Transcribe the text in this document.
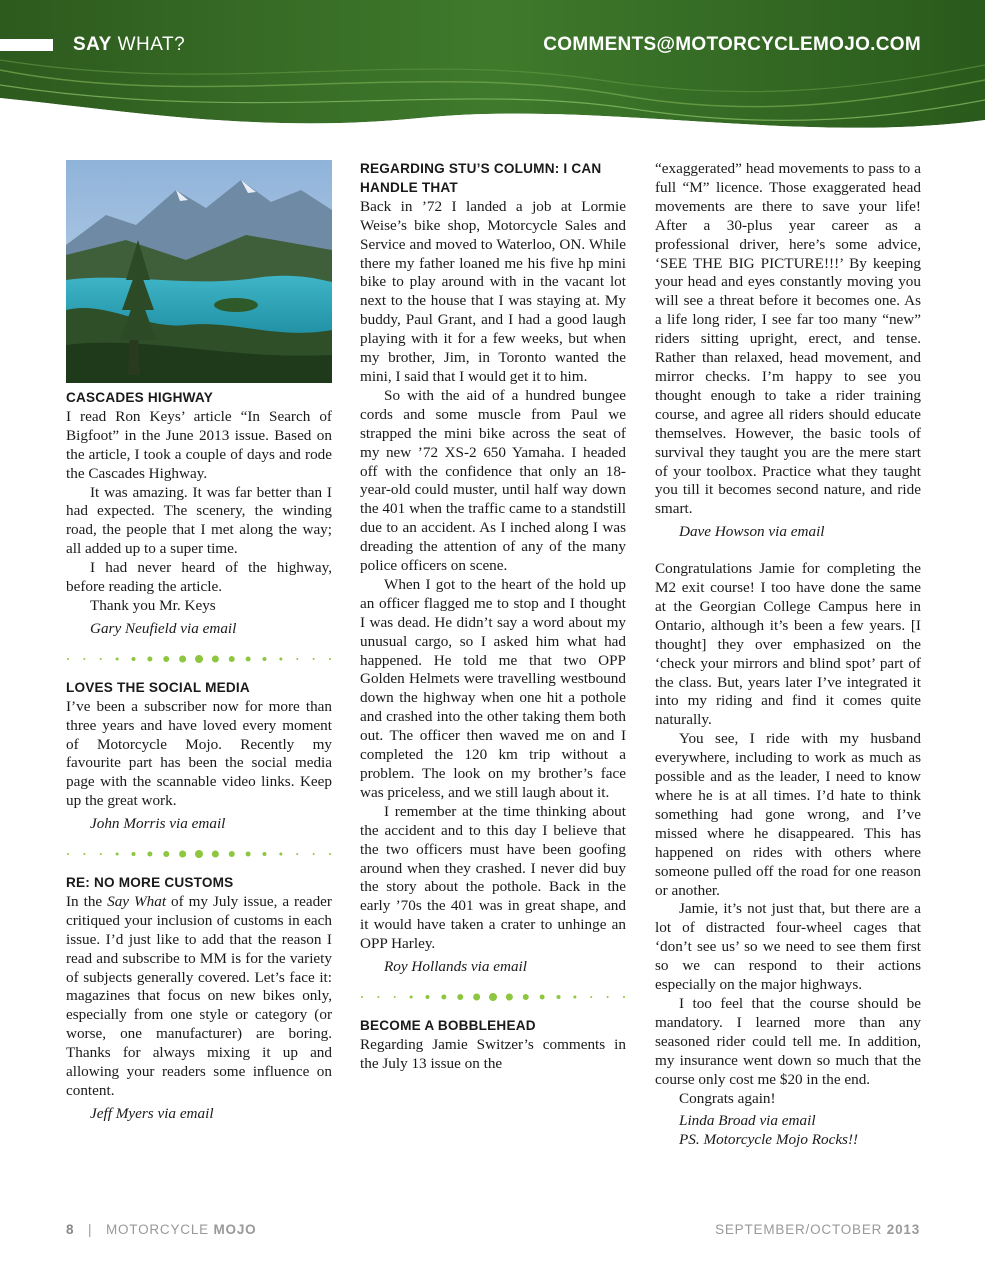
SAY WHAT?	COMMENTS@MOTORCYCLEMOJO.COM
CASCADES HIGHWAY

I read Ron Keys’ article “In Search of Bigfoot” in the June 2013 issue. Based on the article, I took a couple of days and rode the Cascades Highway.

It was amazing. It was far better than I had expected. The scenery, the winding road, the people that I met along the way; all added up to a super time.

I had never heard of the highway, before reading the article.

Thank you Mr. Keys

Gary Neufield via email

LOVES THE SOCIAL MEDIA

I’ve been a subscriber now for more than three years and have loved every moment of Motorcycle Mojo. Recently my favourite part has been the social media page with the scannable video links. Keep up the great work.

John Morris via email

RE: NO MORE CUSTOMS

In the Say What of my July issue, a reader critiqued your inclusion of customs in each issue. I’d just like to add that the reason I read and subscribe to MM is for the variety of subjects generally covered. Let’s face it: magazines that focus on new bikes only, especially from one style or category (or worse, one manufacturer) are boring. Thanks for always mixing it up and allowing your readers some influence on content.

Jeff Myers via email

REGARDING STU’S COLUMN: I CAN HANDLE THAT

Back in ’72 I landed a job at Lormie Weise’s bike shop, Motorcycle Sales and Service and moved to Waterloo, ON. While there my father loaned me his five hp mini bike to play around with in the vacant lot next to the house that I was staying at. My buddy, Paul Grant, and I had a good laugh playing with it for a few weeks, but when my brother, Jim, in Toronto wanted the mini, I said that I would get it to him.

So with the aid of a hundred bungee cords and some muscle from Paul we strapped the mini bike across the seat of my new ’72 XS-2 650 Yamaha. I headed off with the confidence that only an 18-year-old could muster, until half way down the 401 when the traffic came to a standstill due to an accident. As I inched along I was dreading the attention of any of the many police officers on scene.

When I got to the heart of the hold up an officer flagged me to stop and I thought I was dead. He didn’t say a word about my unusual cargo, so I asked him what had happened. He told me that two OPP Golden Helmets were travelling westbound down the highway when one hit a pothole and crashed into the other taking them both out. The officer then waved me on and I completed the 120 km trip without a problem. The look on my brother’s face was priceless, and we still laugh about it.

I remember at the time thinking about the accident and to this day I believe that the two officers must have been goofing around when they crashed. I never did buy the story about the pothole. Back in the early ’70s the 401 was in great shape, and it would have taken a crater to unhinge an OPP Harley.

Roy Hollands via email

BECOME A BOBBLEHEAD

Regarding Jamie Switzer’s comments in the July 13 issue on the

“exaggerated” head movements to pass to a full “M” licence. Those exaggerated head movements are there to save your life! After a 30-plus year career as a professional driver, here’s some advice, ‘SEE THE BIG PICTURE!!!’ By keeping your head and eyes constantly moving you will see a threat before it becomes one. As a life long rider, I see far too many “new” riders sitting upright, erect, and tense. Rather than relaxed, head movement, and mirror checks. I’m happy to see you thought enough to take a rider training course, and agree all riders should educate themselves. However, the basic tools of survival they taught you are the mere start of your toolbox. Practice what they taught you till it becomes second nature, and ride smart.

Dave Howson via email

Congratulations Jamie for completing the M2 exit course! I too have done the same at the Georgian College Campus here in Ontario, although it’s been a few years. [I thought] they over emphasized on the ‘check your mirrors and blind spot’ part of the class. But, years later I’ve integrated it into my riding and find it comes quite naturally.

You see, I ride with my husband everywhere, including to work as much as possible and as the leader, I need to know where he is at all times. I’d hate to think something had gone wrong, and I’ve missed where he disappeared. This has happened on rides with others where someone pulled off the road for one reason or another.

Jamie, it’s not just that, but there are a lot of distracted four-wheel cages that ‘don’t see us’ so we need to see them first so we can respond to their actions especially on the major highways.

I too feel that the course should be mandatory. I learned more than any seasoned rider could tell me. In addition, my insurance went down so much that the course only cost me $20 in the end.

Congrats again!

Linda Broad via email

PS. Motorcycle Mojo Rocks!!

8 | MOTORCYCLE MOJO	SEPTEMBER/OCTOBER 2013
